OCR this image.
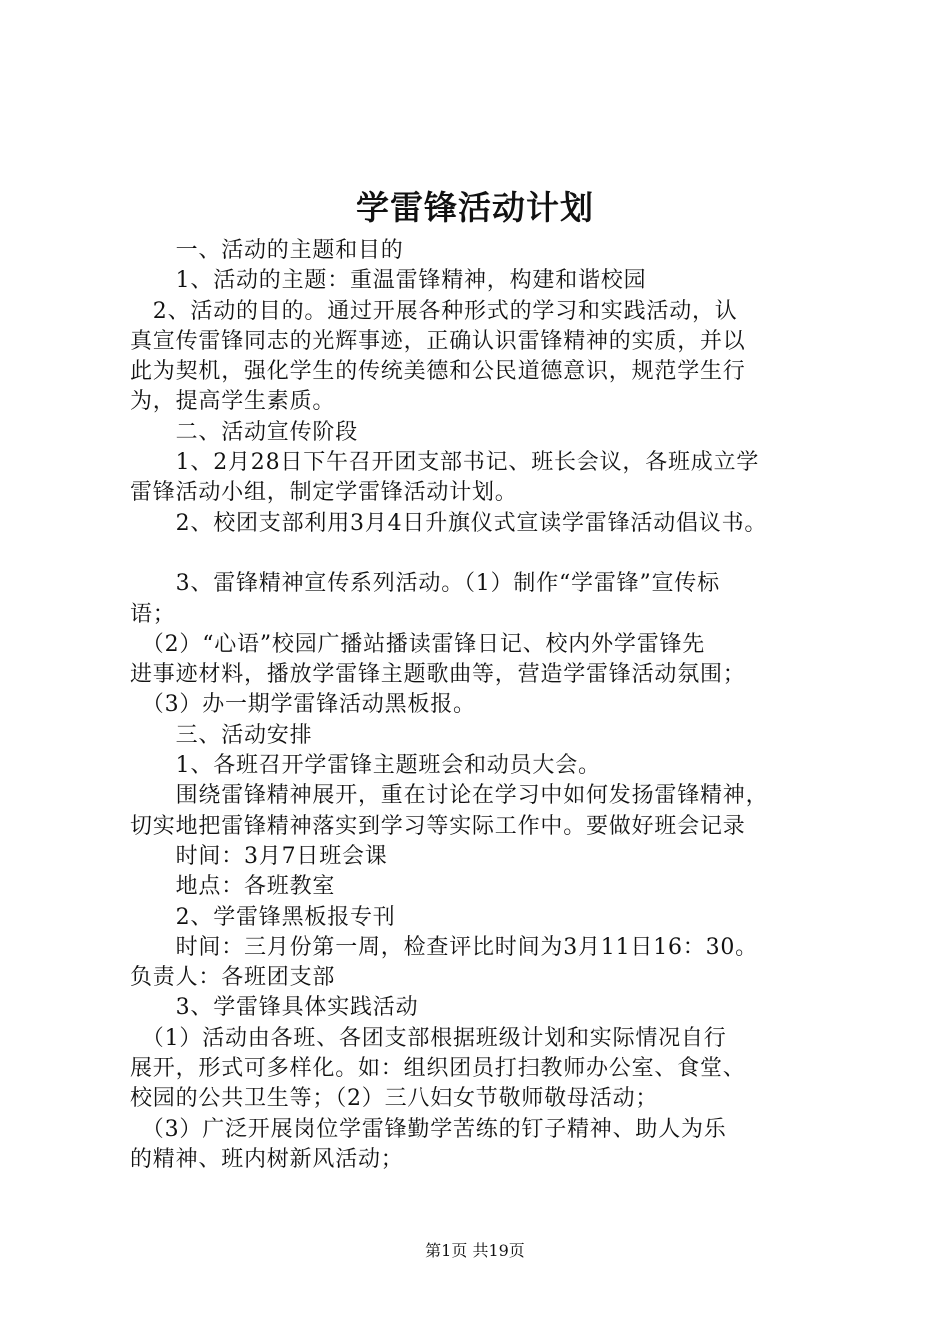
学雷锋活动计划
　　一、活动的主题和目的
　　1、活动的主题：重温雷锋精神，构建和谐校园
　2、活动的目的。通过开展各种形式的学习和实践活动，认
真宣传雷锋同志的光辉事迹，正确认识雷锋精神的实质，并以
此为契机，强化学生的传统美德和公民道德意识，规范学生行
为，提高学生素质。
　　二、活动宣传阶段
　　1、2月28日下午召开团支部书记、班长会议，各班成立学
雷锋活动小组，制定学雷锋活动计划。
　　2、校团支部利用3月4日升旗仪式宣读学雷锋活动倡议书。
　　3、雷锋精神宣传系列活动。（1）制作“学雷锋”宣传标
语；
　（2）“心语”校园广播站播读雷锋日记、校内外学雷锋先
进事迹材料，播放学雷锋主题歌曲等，营造学雷锋活动氛围；
　（3）办一期学雷锋活动黑板报。
　　三、活动安排
　　1、各班召开学雷锋主题班会和动员大会。
　　围绕雷锋精神展开，重在讨论在学习中如何发扬雷锋精神，
切实地把雷锋精神落实到学习等实际工作中。要做好班会记录
　　时间：3月7日班会课
　　地点：各班教室
　　2、学雷锋黑板报专刊
　　时间：三月份第一周，检查评比时间为3月11日16：30。
负责人：各班团支部
　　3、学雷锋具体实践活动
　（1）活动由各班、各团支部根据班级计划和实际情况自行
展开，形式可多样化。如：组织团员打扫教师办公室、食堂、
校园的公共卫生等；（2）三八妇女节敬师敬母活动；
　（3）广泛开展岗位学雷锋勤学苦练的钉子精神、助人为乐
的精神、班内树新风活动；
第1页 共19页
